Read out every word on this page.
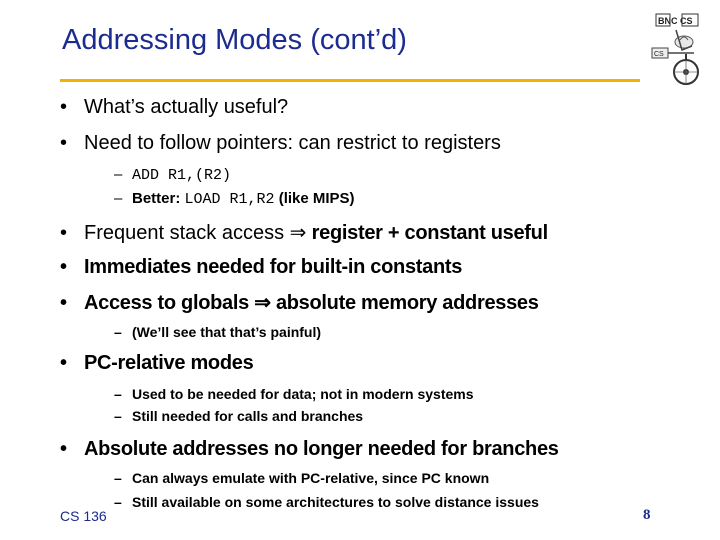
Addressing Modes (cont’d)
BNC CS
CS
• What’s actually useful?
• Need to follow pointers: can restrict to registers
– ADD R1,(R2)
– Better: LOAD R1,R2 (like MIPS)
• Frequent stack access ⇒ register + constant useful
• Immediates needed for built-in constants
• Access to globals ⇒ absolute memory addresses
– (We’ll see that that’s painful)
• PC-relative modes
– Used to be needed for data; not in modern systems
– Still needed for calls and branches
• Absolute addresses no longer needed for branches
– Can always emulate with PC-relative, since PC known
– Still available on some architectures to solve distance issues
CS 136	8
